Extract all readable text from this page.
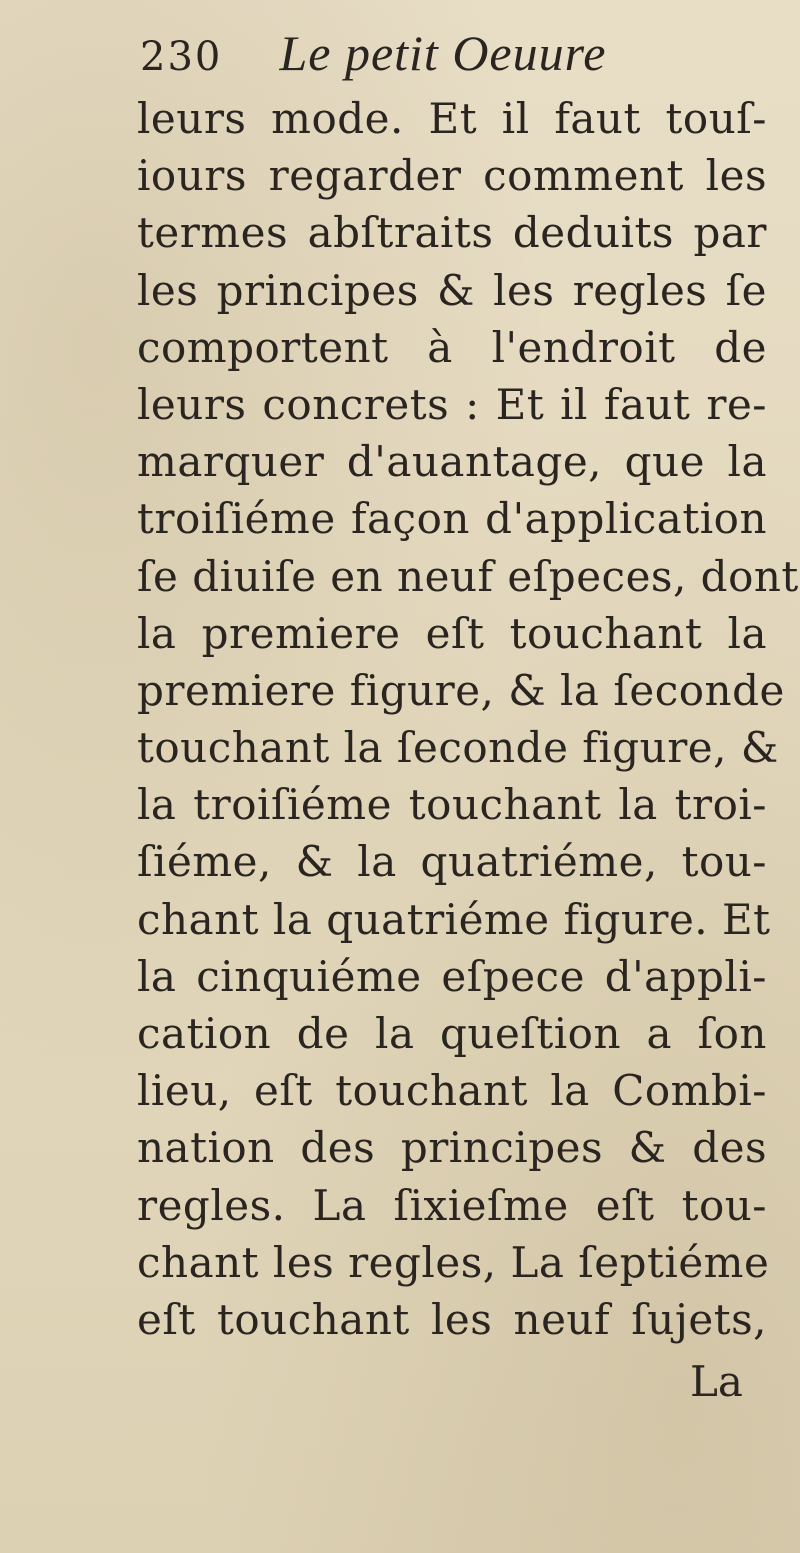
230 Le petit Oeuure
leurs mode. Et il faut touſ-
iours regarder comment les
termes abſtraits deduits par
les principes & les regles ſe
comportent à l'endroit de
leurs concrets : Et il faut re-
marquer d'auantage, que la
troiſiéme façon d'application
ſe diuiſe en neuf eſpeces, dont
la premiere eſt touchant la
premiere figure, & la ſeconde
touchant la ſeconde figure, &
la troiſiéme touchant la troi-
ſiéme, & la quatriéme, tou-
chant la quatriéme figure. Et
la cinquiéme eſpece d'appli-
cation de la queſtion a ſon
lieu, eſt touchant la Combi-
nation des principes & des
regles. La ſixieſme eſt tou-
chant les regles, La ſeptiéme
eſt touchant les neuf ſujets,
La
